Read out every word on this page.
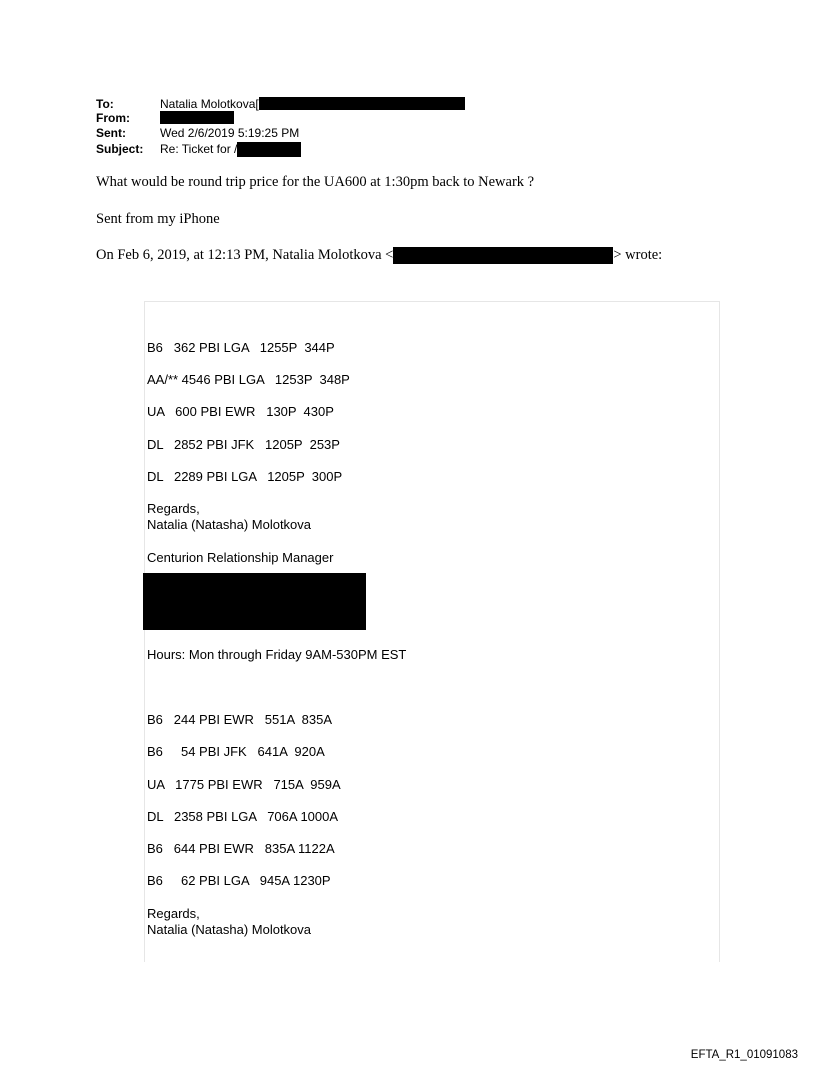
To:	Natalia Molotkova[
From:
Sent:	Wed 2/6/2019 5:19:25 PM
Subject: Re: Ticket for /
What would be round trip price for the UA600 at 1:30pm back to Newark ?
Sent from my iPhone
On Feb 6, 2019, at 12:13 PM, Natalia Molotkova <	> wrote:
B6   362 PBI LGA   1255P  344P
AA/** 4546 PBI LGA   1253P  348P
UA   600 PBI EWR   130P  430P
DL   2852 PBI JFK   1205P  253P
DL   2289 PBI LGA   1205P  300P
Regards,
Natalia (Natasha) Molotkova
Centurion Relationship Manager
Hours: Mon through Friday 9AM-530PM EST
B6   244 PBI EWR   551A  835A
B6     54 PBI JFK   641A  920A
UA   1775 PBI EWR   715A  959A
DL   2358 PBI LGA   706A 1000A
B6   644 PBI EWR   835A 1122A
B6     62 PBI LGA   945A 1230P
Regards,
Natalia (Natasha) Molotkova
EFTA_R1_01091083
